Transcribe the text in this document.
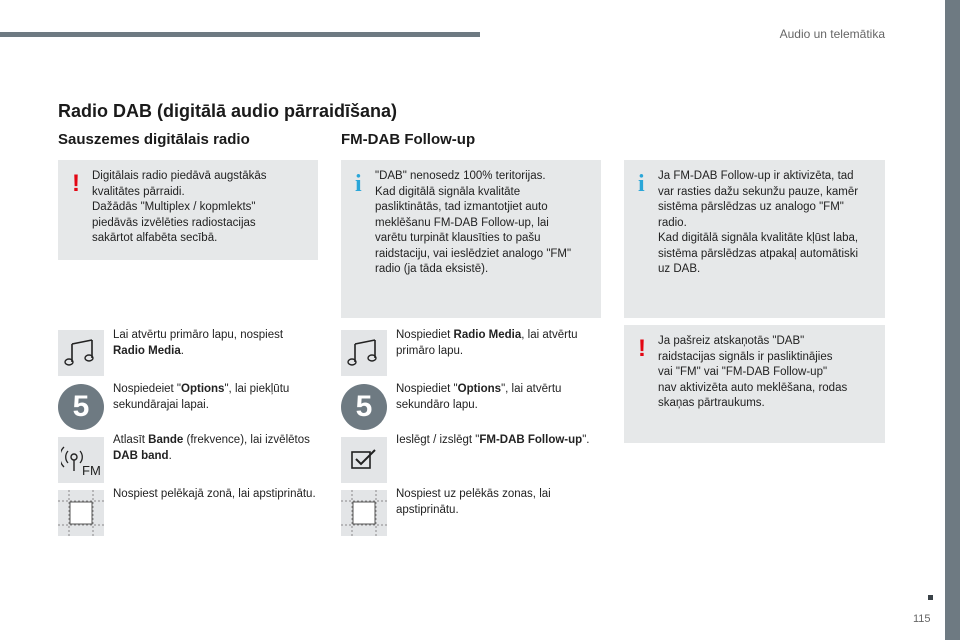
Audio un telemātika
115
Radio DAB (digitālā audio pārraidīšana)
Sauszemes digitālais radio	FM-DAB Follow-up
! Digitālais radio piedāvā augstākās

kvalitātes pārraidi.

Dažādās "Multiplex / kopmlekts"

piedāvās izvēlēties radiostacijas

sakārtot alfabēta secībā.

i "DAB" nenosedz 100% teritorijas.

Kad digitālā signāla kvalitāte

pasliktinātās, tad izmantotjiet auto

meklēšanu FM-DAB Follow-up, lai

varētu turpināt klausīties to pašu

raidstaciju, vai ieslēdziet analogo "FM"

radio (ja tāda eksistē).

i Ja FM-DAB Follow-up ir aktivizēta, tad

var rasties dažu sekunžu pauze, kamēr

sistēma pārslēdzas uz analogo "FM"

radio.

Kad digitālā signāla kvalitāte kļūst laba,

sistēma pārslēdzas atpakaļ automātiski

uz DAB.

! Ja pašreiz atskaņotās "DAB"

raidstacijas signāls ir pasliktinājies

vai "FM" vai "FM-DAB Follow-up"

nav aktivizēta auto meklēšana, rodas

skaņas pārtraukums.

Lai atvērtu primāro lapu, nospiest
Radio Media.
5
Nospiedeiet "Options", lai piekļūtu sekundārajai lapai.
FM
Atlasīt Bande (frekvence), lai izvēlētos DAB band.
Nospiest pelēkajā zonā, lai apstiprinātu.
Nospiediet Radio Media, lai atvērtu primāro lapu.
5
Nospiediet "Options", lai atvērtu sekundāro lapu.
Ieslēgt / izslēgt "FM-DAB Follow-up".
Nospiest uz pelēkās zonas, lai apstiprinātu.
